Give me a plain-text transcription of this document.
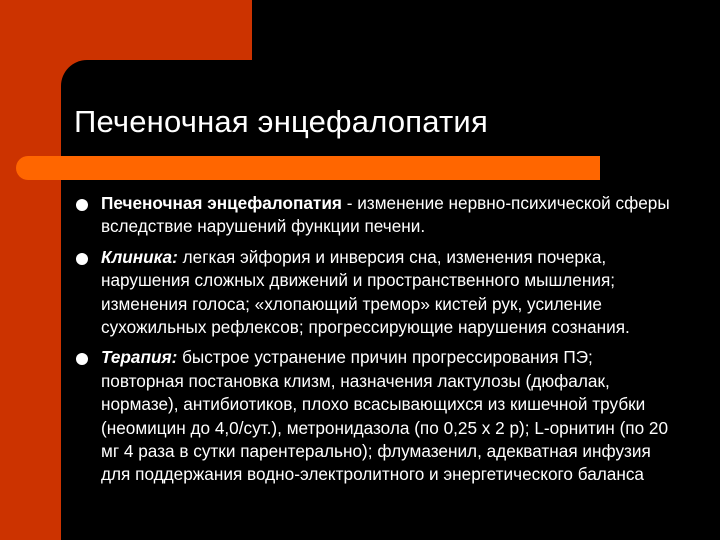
Печеночная энцефалопатия
Печеночная энцефалопатия - изменение нервно-психической сферы вследствие нарушений функции печени.
Клиника: легкая эйфория и инверсия сна, изменения почерка, нарушения сложных движений и пространственного мышления; изменения голоса; «хлопающий тремор» кистей рук, усиление сухожильных рефлексов; прогрессирующие нарушения сознания.
Терапия: быстрое устранение причин прогрессирования ПЭ; повторная постановка клизм, назначения лактулозы (дюфалак, нормазе), антибиотиков, плохо всасывающихся из кишечной трубки (неомицин до 4,0/сут.), метронидазола (по 0,25 х 2 р); L-орнитин (по 20 мг 4 раза в сутки парентерально); флумазенил, адекватная инфузия для поддержания водно-электролитного и энергетического баланса
